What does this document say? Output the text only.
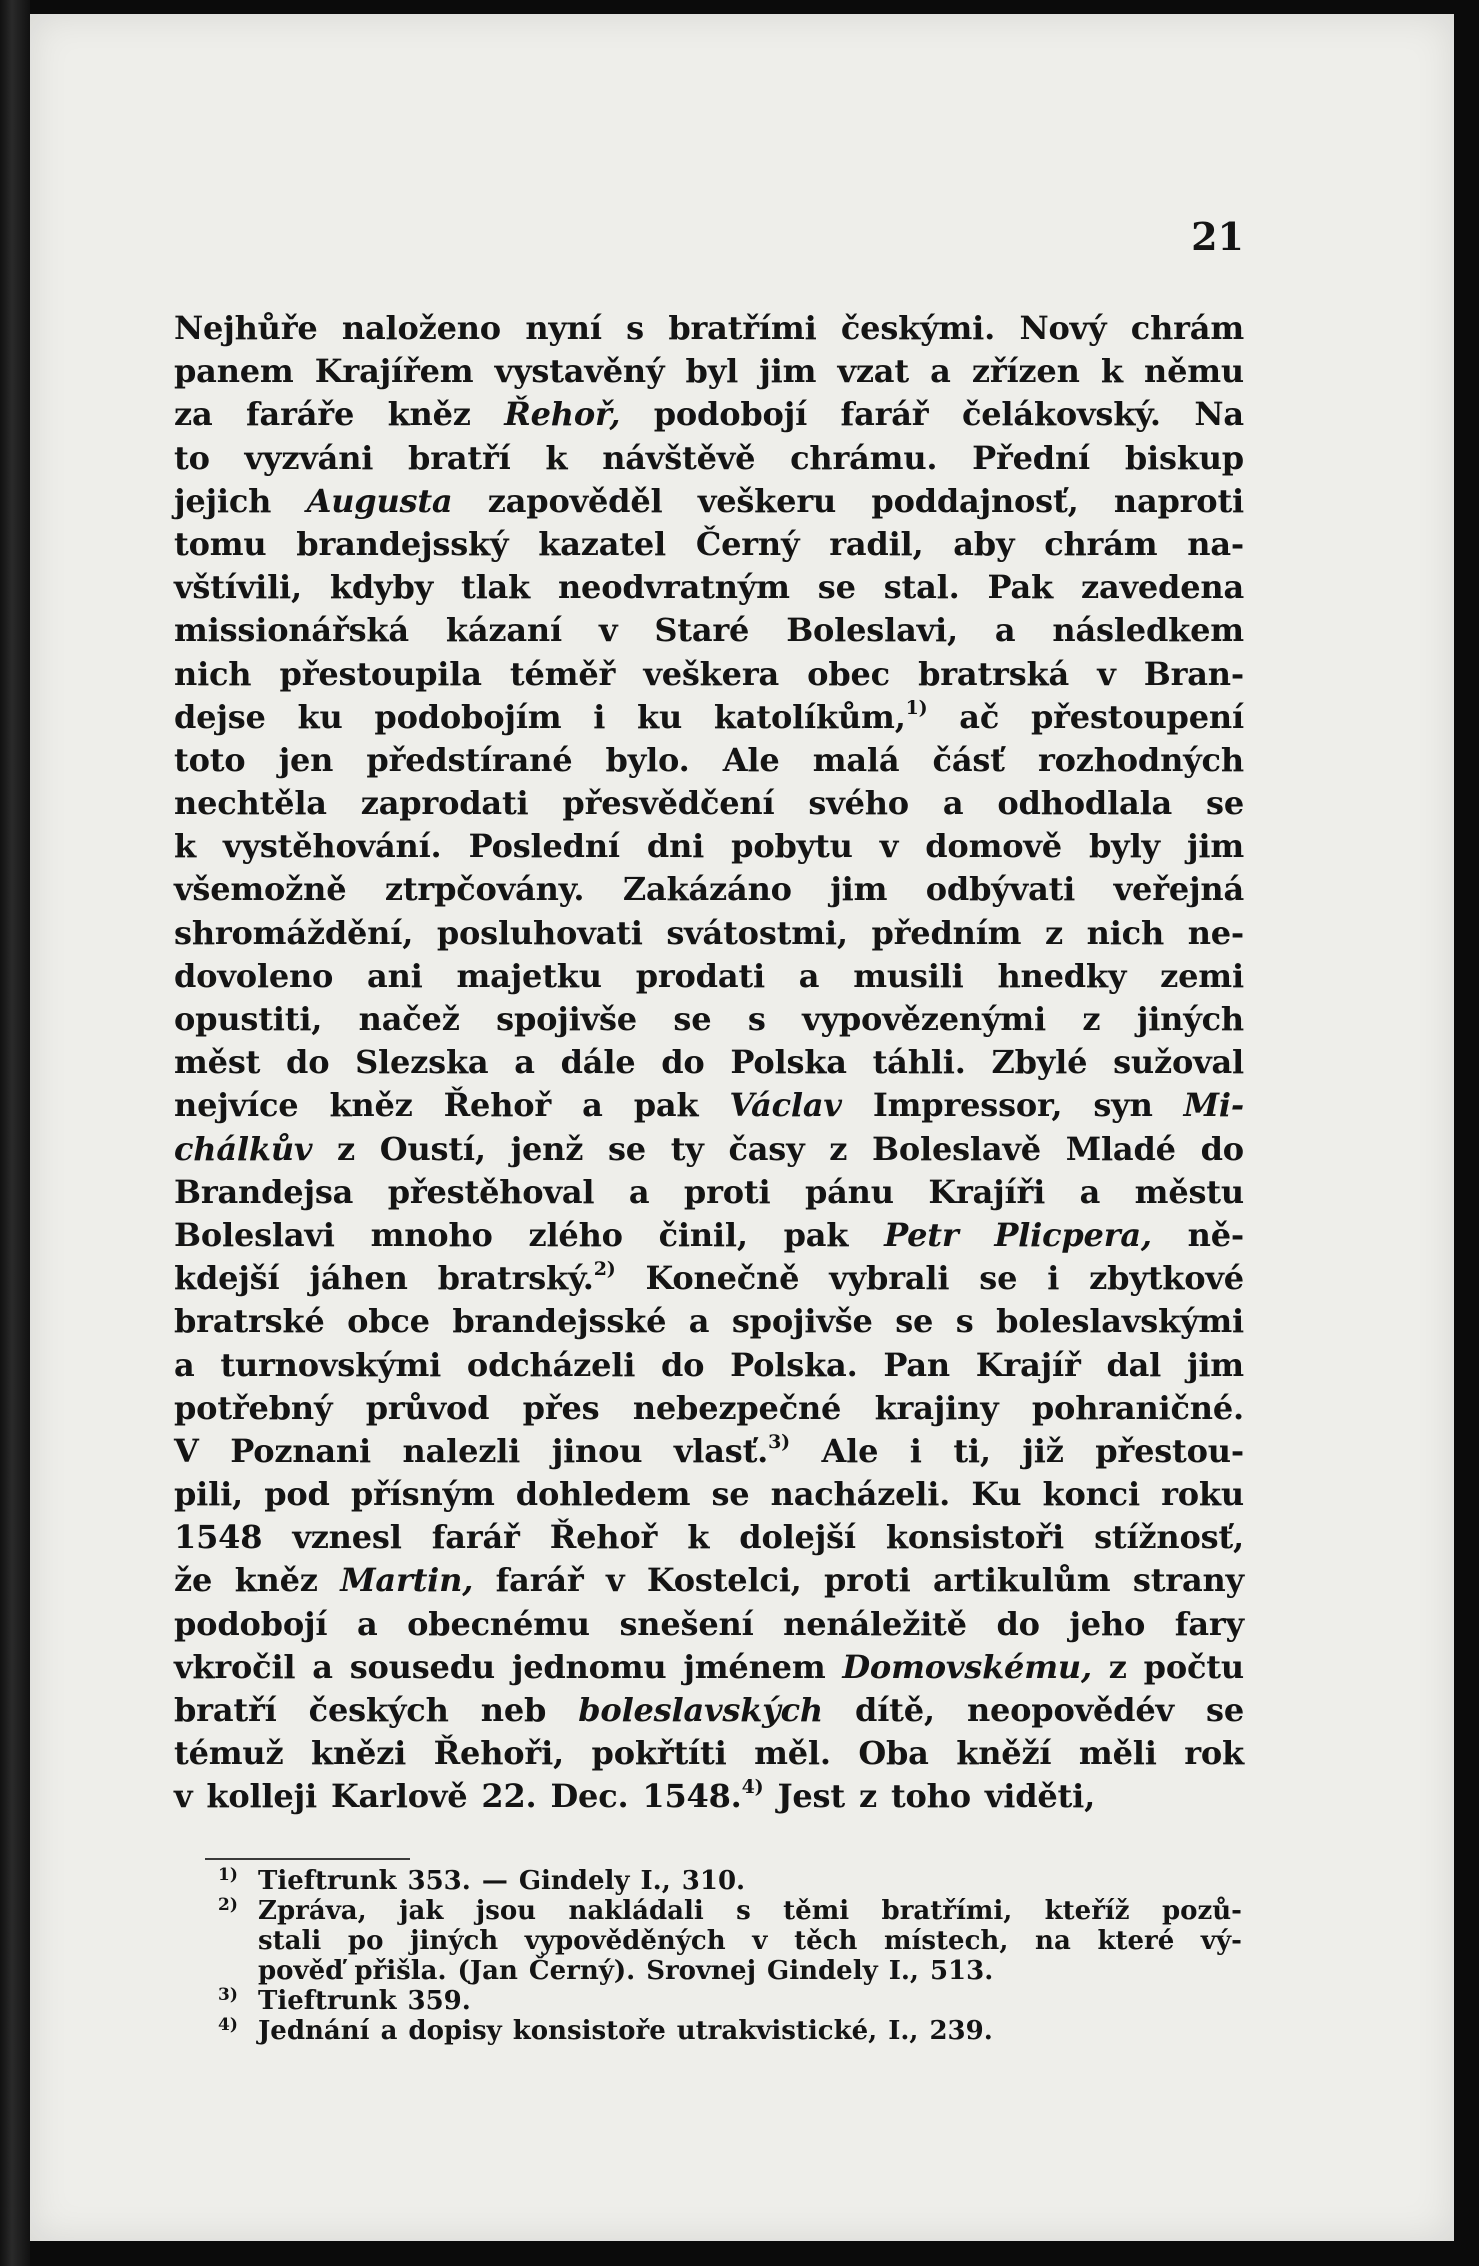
21
Nejhůře naloženo nyní s bratřími českými. Nový chrám
panem Krajířem vystavěný byl jim vzat a zřízen k němu
za faráře kněz Řehoř, podobojí farář čelákovský. Na
to vyzváni bratří k návštěvě chrámu. Přední biskup
jejich Augusta zapověděl veškeru poddajnosť, naproti
tomu brandejsský kazatel Černý radil, aby chrám na-
vštívili, kdyby tlak neodvratným se stal. Pak zavedena
missionářská kázaní v Staré Boleslavi, a následkem
nich přestoupila téměř veškera obec bratrská v Bran-
dejse ku podobojím i ku katolíkům,$^{1)}$ ač přestoupení
toto jen předstírané bylo. Ale malá čásť rozhodných
nechtěla zaprodati přesvědčení svého a odhodlala se
k vystěhování. Poslední dni pobytu v domově byly jim
všemožně ztrpčovány. Zakázáno jim odbývati veřejná
shromáždění, posluhovati svátostmi, předním z nich ne-
dovoleno ani majetku prodati a musili hnedky zemi
opustiti, načež spojivše se s vypovězenými z jiných
měst do Slezska a dále do Polska táhli. Zbylé sužoval
nejvíce kněz Řehoř a pak Václav Impressor, syn Mi-
chálkův z Oustí, jenž se ty časy z Boleslavě Mladé do
Brandejsa přestěhoval a proti pánu Krajíři a městu
Boleslavi mnoho zlého činil, pak Petr Plicpera, ně-
kdejší jáhen bratrský.$^{2)}$ Konečně vybrali se i zbytkové
bratrské obce brandejsské a spojivše se s boleslavskými
a turnovskými odcházeli do Polska. Pan Krajíř dal jim
potřebný průvod přes nebezpečné krajiny pohraničné.
V Poznani nalezli jinou vlasť.$^{3)}$ Ale i ti, již přestou-
pili, pod přísným dohledem se nacházeli. Ku konci roku
1548 vznesl farář Řehoř k dolejší konsistoři stížnosť,
že kněz Martin, farář v Kostelci, proti artikulům strany
podobojí a obecnému snešení nenáležitě do jeho fary
vkročil a sousedu jednomu jménem Domovskému, z počtu
bratří českých neb boleslavských dítě, neopovědév se
témuž knězi Řehoři, pokřtíti měl. Oba kněží měli rok
v kolleji Karlově 22. Dec. 1548.$^{4)}$ Jest z toho viděti,
$^{1)}$ Tieftrunk 353. — Gindely I., 310.
$^{2)}$ Zpráva, jak jsou nakládali s těmi bratřími, kteříž pozů-
stali po jiných vypověděných v těch místech, na které vý-
pověď přišla. (Jan Černý). Srovnej Gindely I., 513.
$^{3)}$ Tieftrunk 359.
$^{4)}$ Jednání a dopisy konsistoře utrakvistické, I., 239.
